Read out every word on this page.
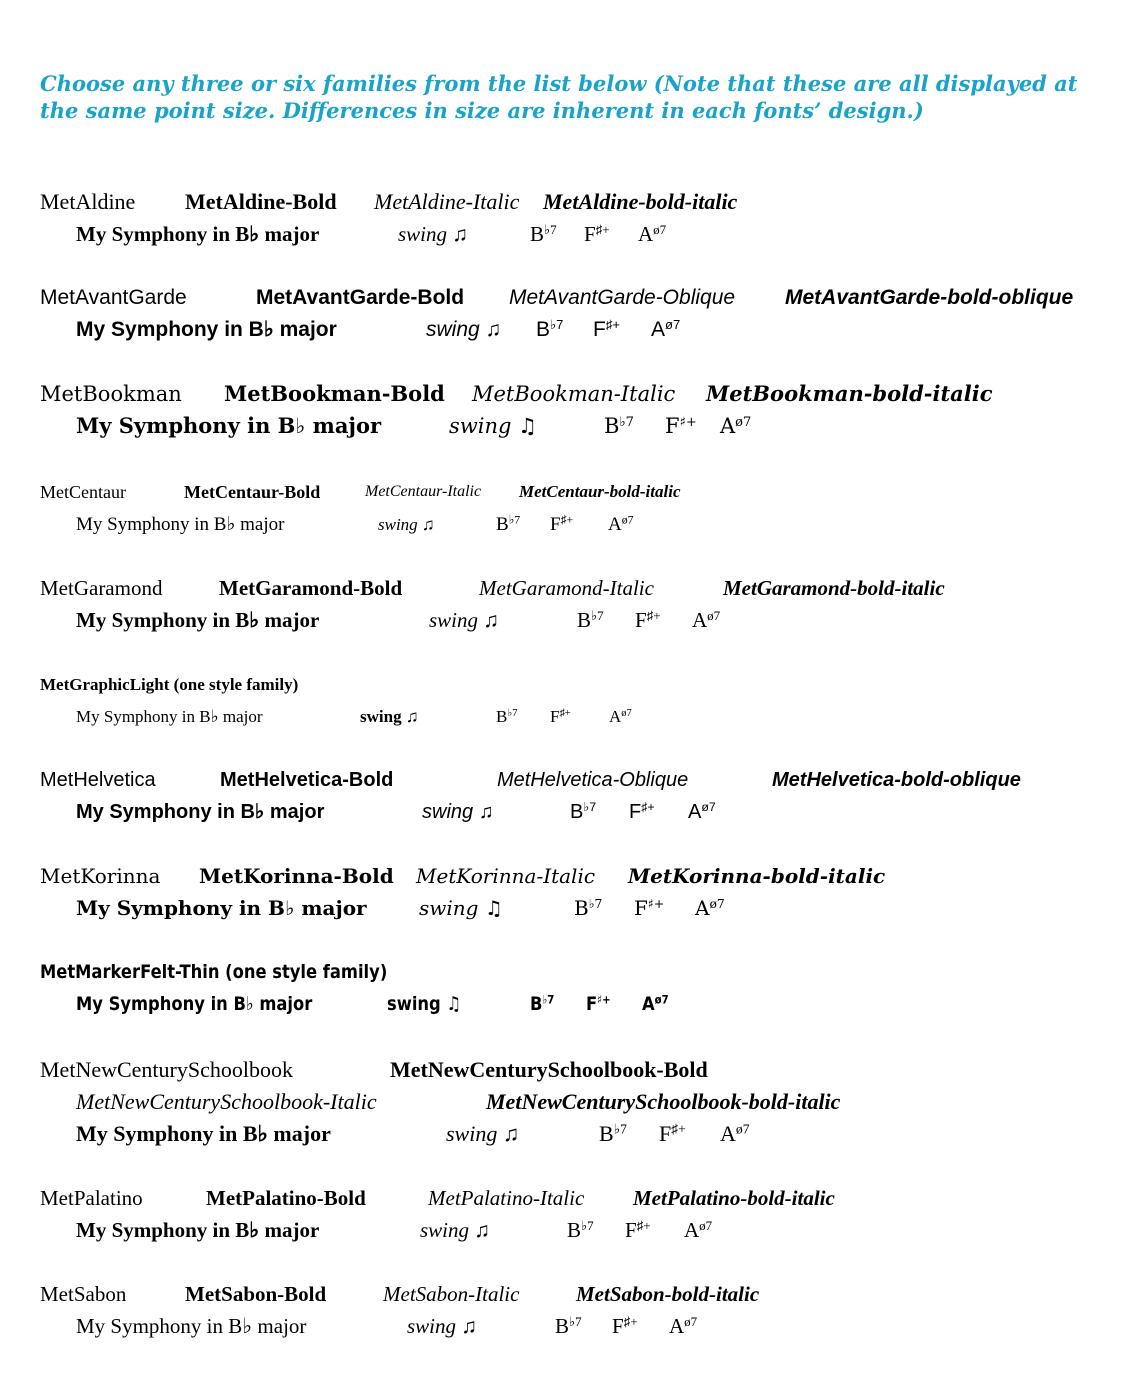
Choose any three or six families from the list below (Note that these are all displayed at the same point size. Differences in size are inherent in each fonts’ design.)
MetAldine MetAldine-Bold MetAldine-Italic MetAldine-bold-italic
My Symphony in B♭ major	swing ♫	$B^{♭7}$ F♯+ $A^{ø7}$
MetAvantGarde	MetAvantGarde-Bold MetAvantGarde-Oblique MetAvantGarde-bold-oblique
My Symphony in B♭ major	swing ♫ $B^{♭7}$ F♯+ $A^{ø7}$
MetBookman MetBookman-Bold MetBookman-Italic MetBookman-bold-italic
My Symphony in B♭ major	swing ♫	$B^{♭7}$ F♯+ $A^{ø7}$
MetCentaur	MetCentaur-Bold	MetCentaur-Italic MetCentaur-bold-italic
My Symphony in B♭ major	swing ♫	$B^{♭7}$ F♯+ $A^{ø7}$
MetGaramond	MetGaramond-Bold	MetGaramond-Italic	MetGaramond-bold-italic
My Symphony in B♭ major	swing ♫	$B^{♭7}$ F♯+ $A^{ø7}$
MetGraphicLight (one style family)
My Symphony in B♭ major	swing ♫	$B^{♭7}$ F♯+ $A^{ø7}$
MetHelvetica	MetHelvetica-Bold	MetHelvetica-Oblique	MetHelvetica-bold-oblique
My Symphony in B♭ major	swing ♫	$B^{♭7}$ F♯+ $A^{ø7}$
MetKorinna MetKorinna-Bold MetKorinna-Italic MetKorinna-bold-italic
My Symphony in B♭ major	swing ♫	$B^{♭7}$ F♯+ $A^{ø7}$
MetMarkerFelt-Thin (one style family)
My Symphony in B♭ major	swing ♫	$B^{♭7}$ F♯+ $A^{ø7}$
MetNewCenturySchoolbook	MetNewCenturySchoolbook-Bold
MetNewCenturySchoolbook-Italic	MetNewCenturySchoolbook-bold-italic
My Symphony in B♭ major	swing ♫	$B^{♭7}$ F♯+ $A^{ø7}$
MetPalatino	MetPalatino-Bold	MetPalatino-Italic MetPalatino-bold-italic
My Symphony in B♭ major	swing ♫	$B^{♭7}$ F♯+ $A^{ø7}$
MetSabon	MetSabon-Bold	MetSabon-Italic	MetSabon-bold-italic
My Symphony in B♭ major	swing ♫	$B^{♭7}$ F♯+ $A^{ø7}$
